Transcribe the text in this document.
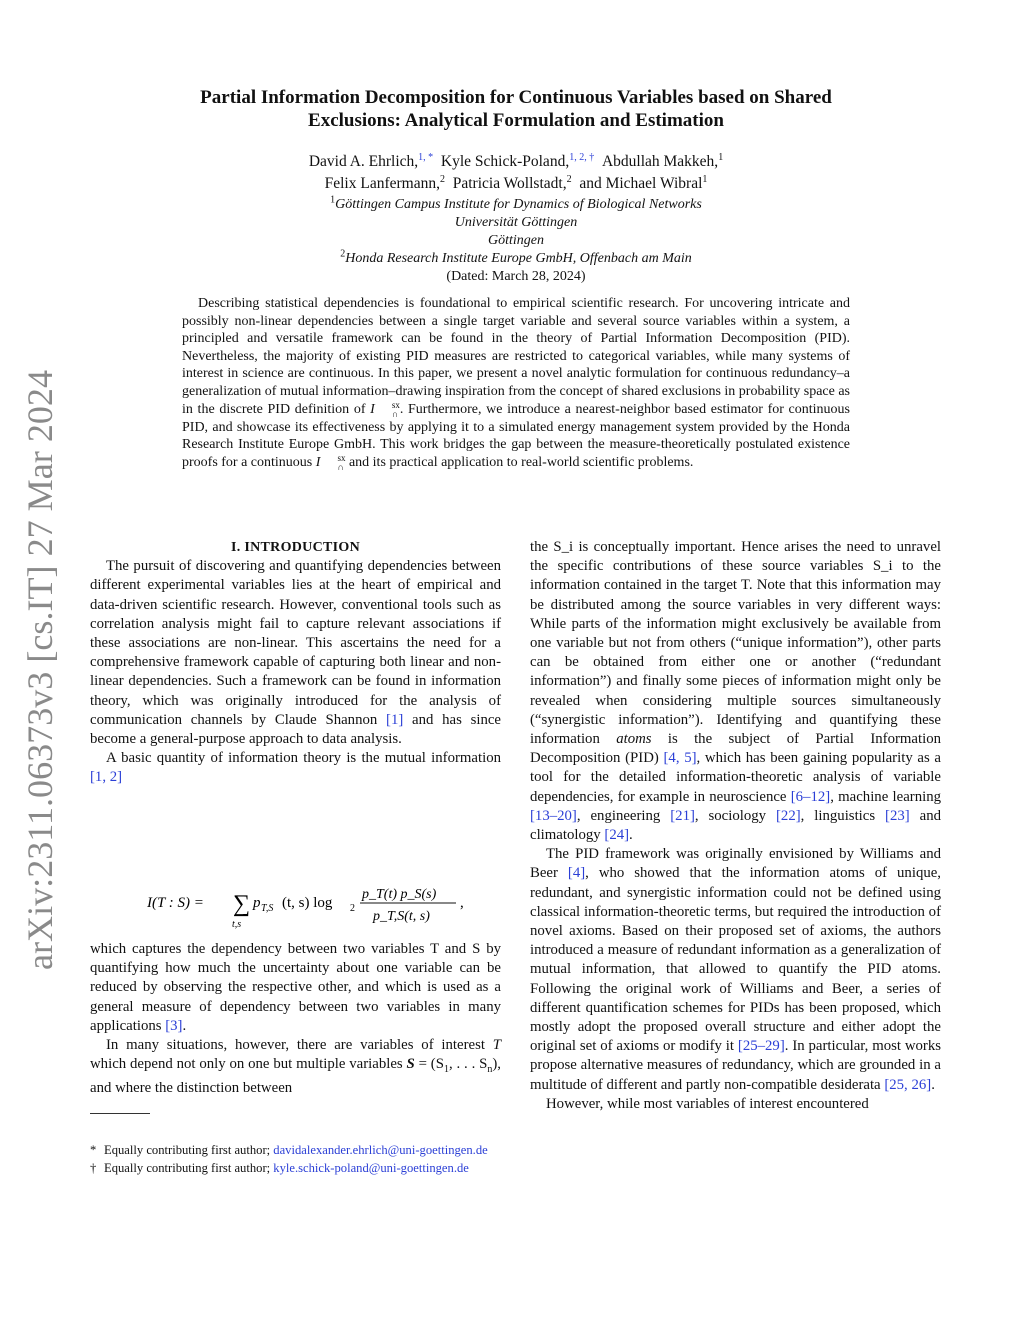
arXiv:2311.06373v3 [cs.IT] 27 Mar 2024
Partial Information Decomposition for Continuous Variables based on Shared
Exclusions: Analytical Formulation and Estimation
David A. Ehrlich,$^{1, *}$ Kyle Schick-Poland,$^{1, 2, \dagger}$ Abdullah Makkeh,$^1$
Felix Lanfermann,$^2$ Patricia Wollstadt,$^2$ and Michael Wibral$^1$
$^1$Göttingen Campus Institute for Dynamics of Biological Networks
Universität Göttingen
Göttingen
$^2$Honda Research Institute Europe GmbH, Offenbach am Main
(Dated: March 28, 2024)
Describing statistical dependencies is foundational to empirical scientific research. For uncovering intricate and possibly non-linear dependencies between a single target variable and several source variables within a system, a principled and versatile framework can be found in the theory of Partial Information Decomposition (PID). Nevertheless, the majority of existing PID measures are restricted to categorical variables, while many systems of interest in science are continuous. In this paper, we present a novel analytic formulation for continuous redundancy–a generalization of mutual information–drawing inspiration from the concept of shared exclusions in probability space as in the discrete PID definition of I	sx
∩ . Furthermore, we introduce a nearest-neighbor based estimator for continuous PID, and showcase its effectiveness by applying it to a simulated energy management system provided by the Honda Research Institute Europe GmbH. This work bridges the gap between the measure-theoretically postulated existence proofs for a continuous I	sx
∩ and its practical application to real-world scientific problems.

I. INTRODUCTION

The pursuit of discovering and quantifying dependencies between different experimental variables lies at the heart of empirical and data-driven scientific research. However, conventional tools such as correlation analysis might fail to capture relevant associations if these associations are non-linear. This ascertains the need for a comprehensive framework capable of capturing both linear and non-linear dependencies. Such a framework can be found in information theory, which was originally introduced for the analysis of communication channels by Claude Shannon [1] and has since become a general-purpose approach to data analysis.

A basic quantity of information theory is the mutual information [1, 2]

I(T : S) = ∑
t,s
p T,S (t, s) log 2
p_T(t) p_S(s)
p_T,S(t, s)
,

which captures the dependency between two variables T and S by quantifying how much the uncertainty about one variable can be reduced by observing the respective other, and which is used as a general measure of dependency between two variables in many applications [3].

In many situations, however, there are variables of interest T which depend not only on one but multiple variables $S = (S_1$, . . . $S_n$), and where the distinction between

* Equally contributing first author; davidalexander.ehrlich@uni-goettingen.de
† Equally contributing first author; kyle.schick-poland@uni-goettingen.de

the S_i is conceptually important. Hence arises the need to unravel the specific contributions of these source variables S_i to the information contained in the target T. Note that this information may be distributed among the source variables in very different ways: While parts of the information might exclusively be available from one variable but not from others (“unique information”), other parts can be obtained from either one or another (“redundant information”) and finally some pieces of information might only be revealed when considering multiple sources simultaneously (“synergistic information”). Identifying and quantifying these information atoms is the subject of Partial Information Decomposition (PID) [4, 5], which has been gaining popularity as a tool for the detailed information-theoretic analysis of variable dependencies, for example in neuroscience [6–12], machine learning [13–20], engineering [21], sociology [22], linguistics [23] and climatology [24].

The PID framework was originally envisioned by Williams and Beer [4], who showed that the information atoms of unique, redundant, and synergistic information could not be defined using classical information-theoretic terms, but required the introduction of novel axioms. Based on their proposed set of axioms, the authors introduced a measure of redundant information as a generalization of mutual information, that allowed to quantify the PID atoms. Following the original work of Williams and Beer, a series of different quantification schemes for PIDs has been proposed, which mostly adopt the proposed overall structure and either adopt the original set of axioms or modify it [25–29]. In particular, most works propose alternative measures of redundancy, which are grounded in a multitude of different and partly non-compatible desiderata [25, 26].

However, while most variables of interest encountered
